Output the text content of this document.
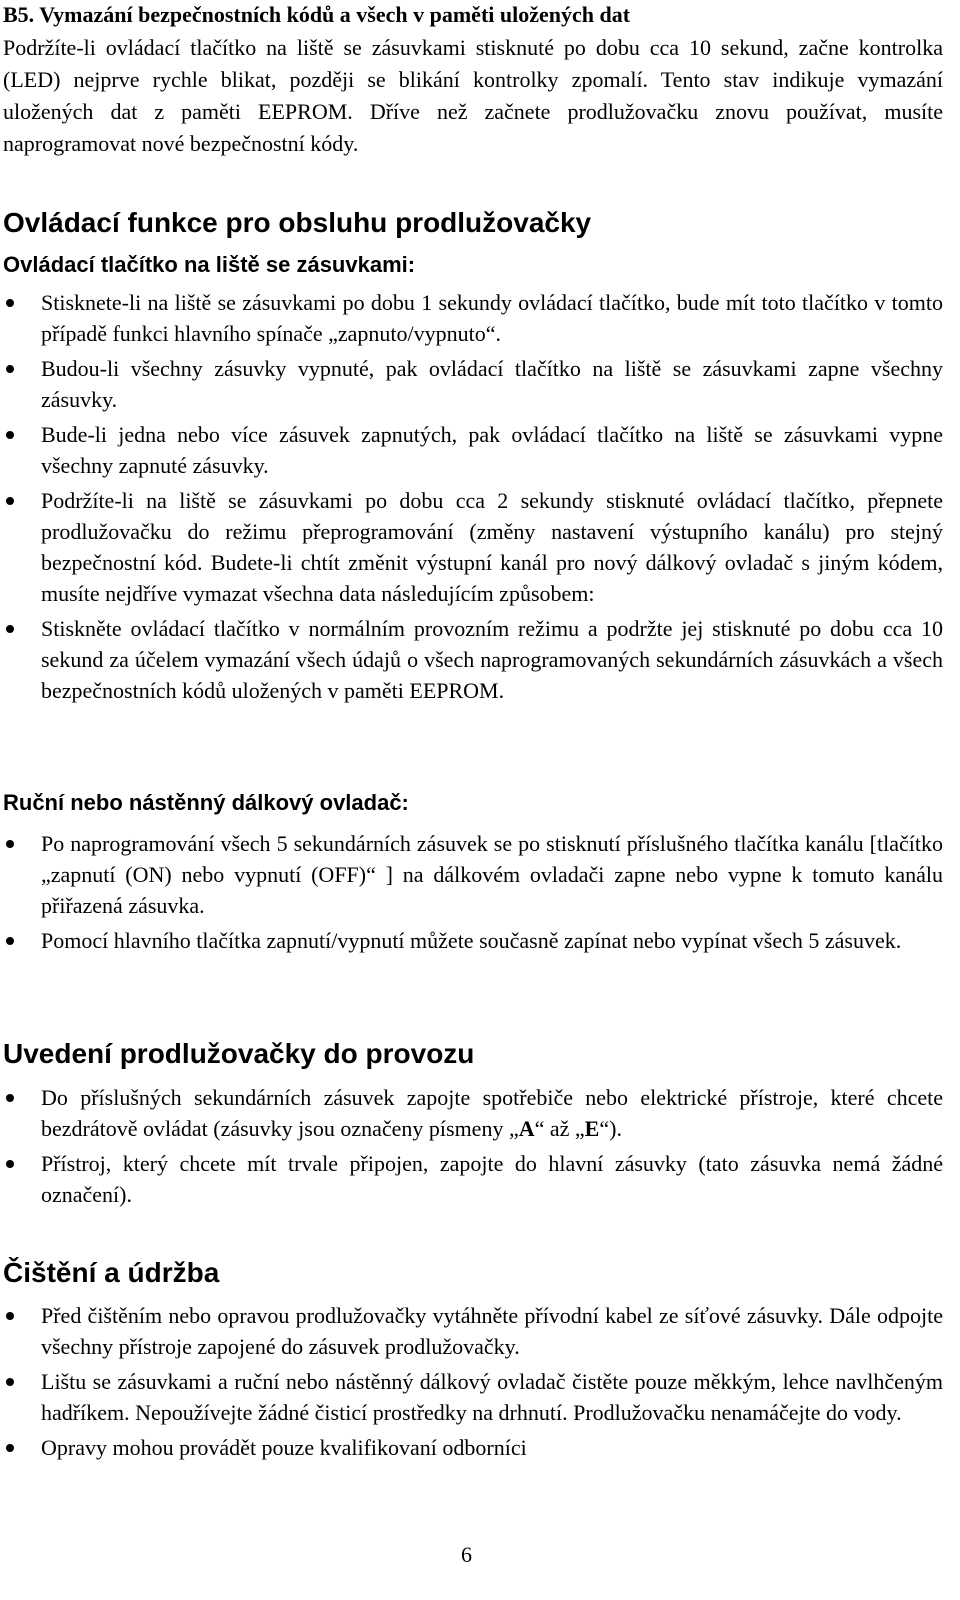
B5. Vymazání bezpečnostních kódů a všech v paměti uložených dat

Podržíte-li ovládací tlačítko na liště se zásuvkami stisknuté po dobu cca 10 sekund, začne kontrolka (LED) nejprve rychle blikat, později se blikání kontrolky zpomalí. Tento stav indikuje vymazání uložených dat z paměti EEPROM. Dříve než začnete prodlužovačku znovu používat, musíte naprogramovat nové bezpečnostní kódy.

Ovládací funkce pro obsluhu prodlužovačky
Ovládací tlačítko na liště se zásuvkami:
Stisknete-li na liště se zásuvkami po dobu 1 sekundy ovládací tlačítko, bude mít toto tlačítko v tomto případě funkci hlavního spínače „zapnuto/vypnuto“.
Budou-li všechny zásuvky vypnuté, pak ovládací tlačítko na liště se zásuvkami zapne všechny zásuvky.
Bude-li jedna nebo více zásuvek zapnutých, pak ovládací tlačítko na liště se zásuvkami vypne všechny zapnuté zásuvky.
Podržíte-li na liště se zásuvkami po dobu cca 2 sekundy stisknuté ovládací tlačítko, přepnete prodlužovačku do režimu přeprogramování (změny nastavení výstupního kanálu) pro stejný bezpečnostní kód. Budete-li chtít změnit výstupní kanál pro nový dálkový ovladač s jiným kódem, musíte nejdříve vymazat všechna data následujícím způsobem:
Stiskněte ovládací tlačítko v normálním provozním režimu a podržte jej stisknuté po dobu cca 10 sekund za účelem vymazání všech údajů o všech naprogramovaných sekundárních zásuvkách a všech bezpečnostních kódů uložených v paměti EEPROM.
Ruční nebo nástěnný dálkový ovladač:
Po naprogramování všech 5 sekundárních zásuvek se po stisknutí příslušného tlačítka kanálu [tlačítko „zapnutí (ON) nebo vypnutí (OFF)“ ] na dálkovém ovladači zapne nebo vypne k tomuto kanálu přiřazená zásuvka.
Pomocí hlavního tlačítka zapnutí/vypnutí můžete současně zapínat nebo vypínat všech 5 zásuvek.
Uvedení prodlužovačky do provozu
Do příslušných sekundárních zásuvek zapojte spotřebiče nebo elektrické přístroje, které chcete bezdrátově ovládat (zásuvky jsou označeny písmeny „A“ až „E“).
Přístroj, který chcete mít trvale připojen, zapojte do hlavní zásuvky (tato zásuvka nemá žádné označení).
Čištění a údržba
Před čištěním nebo opravou prodlužovačky vytáhněte přívodní kabel ze síťové zásuvky. Dále odpojte všechny přístroje zapojené do zásuvek prodlužovačky.
Lištu se zásuvkami a ruční nebo nástěnný dálkový ovladač čistěte pouze měkkým, lehce navlhčeným hadříkem. Nepoužívejte žádné čisticí prostředky na drhnutí. Prodlužovačku nenamáčejte do vody.
Opravy mohou provádět pouze kvalifikovaní odborníci
6
